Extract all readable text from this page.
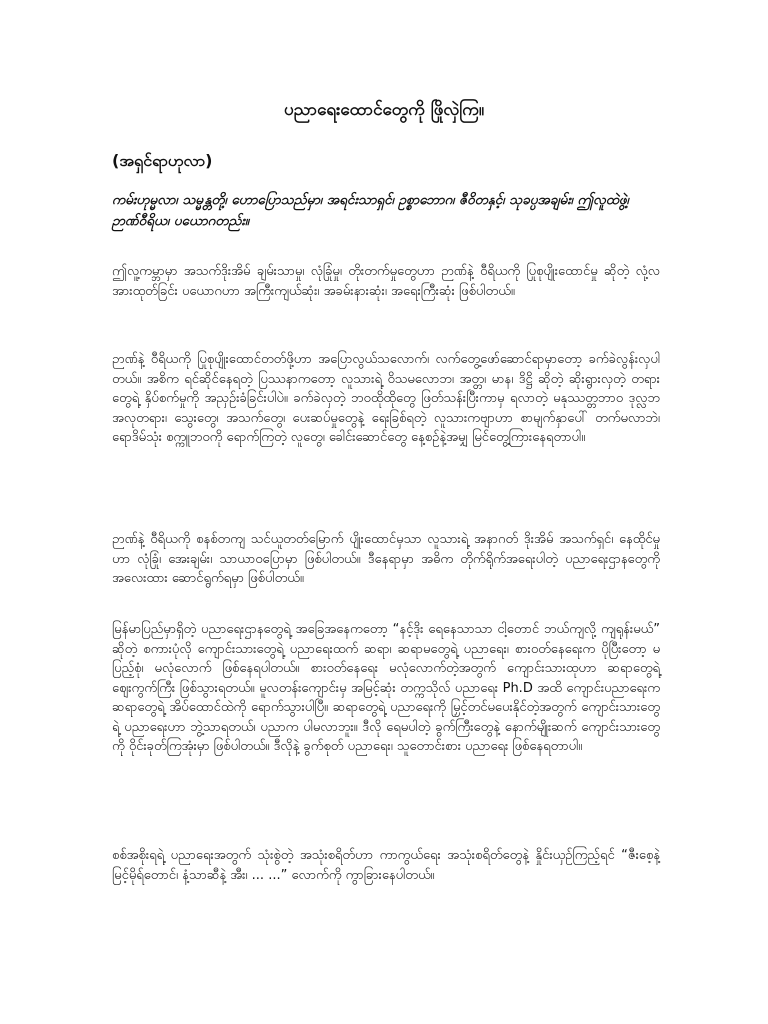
ပညာရေးထောင်တွေကို ဖြိုလှဲကြ။
(အရှင်ရာဟုလာ)
ကမ်းဟုမ္မလာ၊ သမ္မန္တတို့၊ ဟောပြောသည်မှာ၊ အရင်းသာရှင်၊ ဥစ္စာဘောဂ၊ ဇီဝိတနှင့်၊ သုခပ္ပအချမ်း၊ ဤလူထဲဖွဲ့၊ ဉာဏ်ဝီရိယ၊ ပယောဂတည်း။

ဤလူ့ကမ္ဘာမှာ အသက်ဒိုးအိမ် ချမ်းသာမှု၊ လုံခြုံမှု၊ တိုးတက်မှုတွေဟာ ဉာဏ်နဲ့ ဝီရိယကို ပြုစုပျိုးထောင်မှု ဆိုတဲ့ လုံ့လအားထုတ်ခြင်း ပယောဂဟာ အကြီးကျယ်ဆုံး၊ အခမ်းနားဆုံး၊ အရေးကြီးဆုံး ဖြစ်ပါတယ်။

ဉာဏ်နဲ့ ဝီရိယကို ပြုစုပျိုးထောင်တတ်ဖို့ဟာ အပြောလွယ်သလောက်၊ လက်တွေ့ဖော်ဆောင်ရာမှာတော့ ခက်ခဲလွန်းလှပါတယ်။ အစိက ရင်ဆိုင်နေရတဲ့ ပြဿနာကတော့ လူသားရဲ့ ဝိသမလောဘ၊ အတ္တ၊ မာန၊ ဒိဋ္ဌိ ဆိုတဲ့ ဆိုးရွားလှတဲ့ တရားတွေရဲ့ နှိပ်စက်မှုကို အညှဉ်းခံခြင်းပါပဲ။ ခက်ခဲလှတဲ့ ဘဝထိုထိုတွေ ဖြတ်သန်းပြီးကာမှ ရလာတဲ့ မနုဿတ္တဘာဝ ဒုလ္လဘ အလုတရား၊ သွေးတွေ၊ အသက်တွေ၊ ပေးဆပ်မှုတွေနဲ့ ရေးခြစ်ရတဲ့ လူသားကဗျာဟာ စာမျက်နှာပေါ် တက်မလာဘဲ၊ ရောဒိမ်သုံး စက္ကူဘဝကို ရောက်ကြတဲ့ လူတွေ၊ ခေါင်းဆောင်တွေ နေ့စဉ်နဲ့အမျှ မြင်တွေ့ကြားနေရတာပါ။

ဉာဏ်နဲ့ ဝီရိယကို စနစ်တကျ သင်ယူတတ်မြောက် ပျိုးထောင်မှသာ လူသားရဲ့ အနာဂတ် ဒိုးအိမ် အသက်ရှင်၊ နေထိုင်မှုဟာ လုံခြုံ၊ အေးချမ်း၊ သာယာဝပြောမှာ ဖြစ်ပါတယ်။ ဒီနေရာမှာ အဓိက တိုက်ရိုက်အရေးပါတဲ့ ပညာရေးဌာနတွေကို အလေးထား ဆောင်ရွက်ရမှာ ဖြစ်ပါတယ်။

မြန်မာပြည်မှာရှိတဲ့ ပညာရေးဌာနတွေရဲ့ အခြေအနေကတော့ “နင့်ဒိုး ရေနေသာသာ ငါ့တောင် ဘယ်ကျလို့ ကျရုန်းမယ်” ဆိုတဲ့ စကားပုံလို ကျောင်းသားတွေရဲ့ ပညာရေးထက် ဆရာ၊ ဆရာမတွေရဲ့ ပညာရေး၊ စားဝတ်နေရေးက ပိုပြီးတော့ မပြည့်စုံ၊ မလုံလောက် ဖြစ်နေရပါတယ်။ စားဝတ်နေရေး မလုံလောက်တဲ့အတွက် ကျောင်းသားထုဟာ ဆရာတွေရဲ့ ဈေးကွက်ကြီး ဖြစ်သွားရတယ်။ မူလတန်းကျောင်းမှ အမြင့်ဆုံး တက္ကသိုလ် ပညာရေး Ph.D အထိ ကျောင်းပညာရေးက ဆရာတွေရဲ့ အိပ်ထောင်ထဲကို ရောက်သွားပါပြီ။ ဆရာတွေရဲ့ ပညာရေးကို မြှင့်တင်မပေးနိုင်တဲ့အတွက် ကျောင်းသားတွေရဲ့ ပညာရေးဟာ ဘွဲ့သာရတယ်၊ ပညာက ပါမလာဘူး။ ဒီလို ရေမပါတဲ့ ခွက်ကြီးတွေနဲ့ နောက်မျိုးဆက် ကျောင်းသားတွေကို ဝိုင်းခုတ်ကြအုံးမှာ ဖြစ်ပါတယ်။ ဒီလိုနဲ့ ခွက်စုတ် ပညာရေး၊ သူတောင်းစား ပညာရေး ဖြစ်နေရတာပါ။

စစ်အစိုးရရဲ့ ပညာရေးအတွက် သုံးစွဲတဲ့ အသုံးစရိတ်ဟာ ကာကွယ်ရေး အသုံးစရိတ်တွေနဲ့ နှိုင်းယှဉ်ကြည့်ရင် “ဇီးစေ့နဲ့ မြင့်မိုရ်တောင်၊ နံ့သာဆီနဲ့ အီး၊ ... ...” လောက်ကို ကွာခြားနေပါတယ်။
